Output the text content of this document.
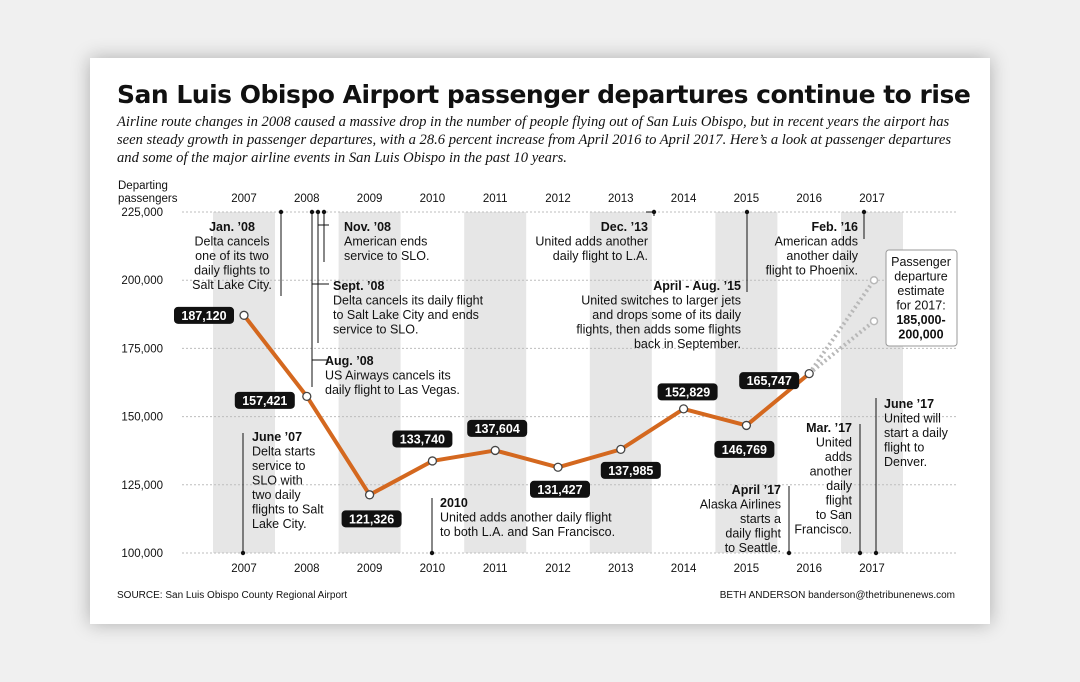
San Luis Obispo Airport passenger departures continue to rise
Airline route changes in 2008 caused a massive drop in the number of people flying out of San Luis Obispo, but in recent years the airport has seen steady growth in passenger departures, with a 28.6 percent increase from April 2016 to April 2017. Here’s a look at passenger departures and some of the major airline events in San Luis Obispo in the past 10 years.
Departing
passengers
225,000
200,000
175,000
150,000
125,000
100,000
2007
2007
2008
2008
2009
2009
2010
2010
2011
2011
2012
2012
2013
2013
2014
2014
2015
2015
2016
2016
2017
2017
Jan. ’08 Delta cancels one of its two daily flights to Salt Lake City.
Nov. ’08 American ends service to SLO.
Sept. ’08 Delta cancels its daily flight to Salt Lake City and ends service to SLO.
Aug. ’08 US Airways cancels its daily flight to Las Vegas.
June ’07 Delta starts service to SLO with two daily flights to Salt Lake City.
2010 United adds another daily flight to both L.A. and San Francisco.
Dec. ’13 United adds another daily flight to L.A.
April - Aug. ’15 United switches to larger jets and drops some of its daily flights, then adds some flights back in September.
April ’17 Alaska Airlines starts a daily flight to Seattle.
Feb. ’16 American adds another daily flight to Phoenix.
Mar. ’17 United adds another daily flight to San Francisco.
June ’17 United will start a daily flight to Denver.
Passenger departure estimate for 2017: 185,000-200,000
187,120
157,421
121,326
133,740
137,604
131,427
137,985
152,829
146,769
165,747
SOURCE: San Luis Obispo County Regional Airport	BETH ANDERSON banderson@thetribunenews.com
